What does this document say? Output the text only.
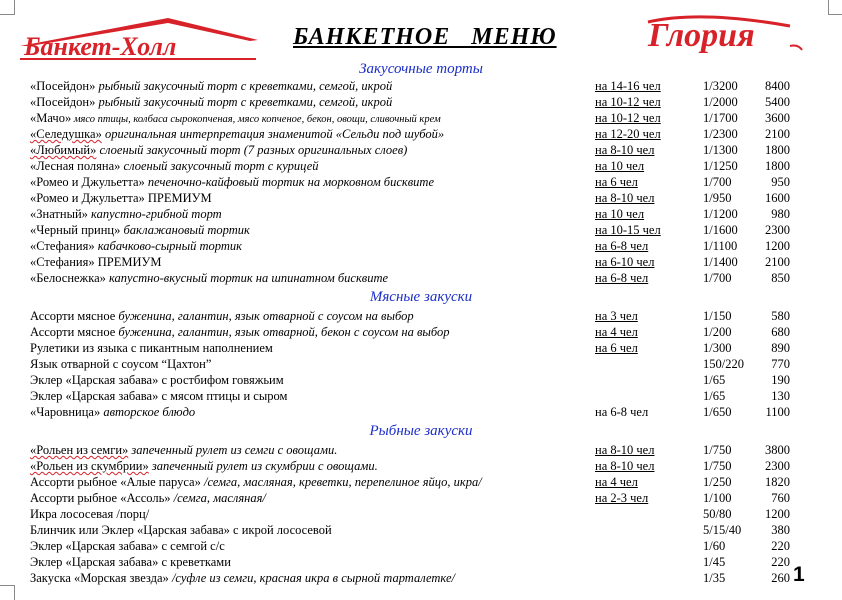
Банкет-Холл	БАНКЕТНОЕ   МЕНЮ	Глория
Закусочные торты
Мясные закуски
Рыбные закуски
«Посейдон» рыбный закусочный торт с креветками, семгой, икрой	на 14-16 чел	1/3200 8400
«Посейдон» рыбный закусочный торт с креветками, семгой, икрой	на 10-12 чел	1/2000 5400
«Мачо» мясо птицы, колбаса сырокопченая, мясо копченое, бекон, овощи, сливочный крем	на 10-12 чел	1/1700 3600
«Селедушка» оригинальная интерпретация знаменитой «Сельди под шубой»	на 12-20 чел	1/2300 2100
«Любимый» слоеный закусочный торт (7 разных оригинальных слоев)	на 8-10 чел	1/1300 1800
«Лесная поляна» слоеный закусочный торт с курицей	на 10 чел	1/1250 1800
«Ромео и Джульетта» печеночно-кайфовый тортик на морковном бисквите	на 6 чел	1/700	950
«Ромео и Джульетта» ПРЕМИУМ	на 8-10 чел	1/950	1600
«Знатный» капустно-грибной торт	на 10 чел	1/1200	980
«Черный принц» баклажановый тортик	на 10-15 чел	1/1600 2300
«Стефания» кабачково-сырный тортик	на 6-8 чел	1/1100 1200
«Стефания» ПРЕМИУМ	на 6-10 чел	1/1400 2100
«Белоснежка» капустно-вкусный тортик на шпинатном бисквите	на 6-8 чел	1/700	850
Ассорти мясное буженина, галантин, язык отварной с соусом на выбор	на 3 чел	1/150	580
Ассорти мясное буженина, галантин, язык отварной, бекон с соусом на выбор	на 4 чел	1/200	680
Рулетики из языка с пикантным наполнением	на 6 чел	1/300	890
Язык отварной с соусом “Цахтон”	150/220 770
Эклер «Царская забава» с ростбифом говяжьим	1/65	190
Эклер «Царская забава» с мясом птицы и сыром	1/65	130
«Чаровница» авторское блюдо	на 6-8 чел	1/650	1100
«Рольен из семги» запеченный рулет из семги с овощами.	на 8-10 чел	1/750	3800
«Рольен из скумбрии» запеченный рулет из скумбрии с овощами.	на 8-10 чел	1/750	2300
Ассорти рыбное «Алые паруса» /семга, масляная, креветки, перепелиное яйцо, икра/	на 4 чел	1/250	1820
Ассорти рыбное «Ассоль» /семга, масляная/	на 2-3 чел	1/100	760
Икра лососевая /порц/	50/80	1200
Блинчик или Эклер «Царская забава» с икрой лососевой	5/15/40 380
Эклер «Царская забава» с семгой с/с	1/60	220
Эклер «Царская забава» с креветками	1/45	220
Закуска «Морская звезда» /суфле из семги, красная икра в сырной тарталетке/	1/35	260 1
